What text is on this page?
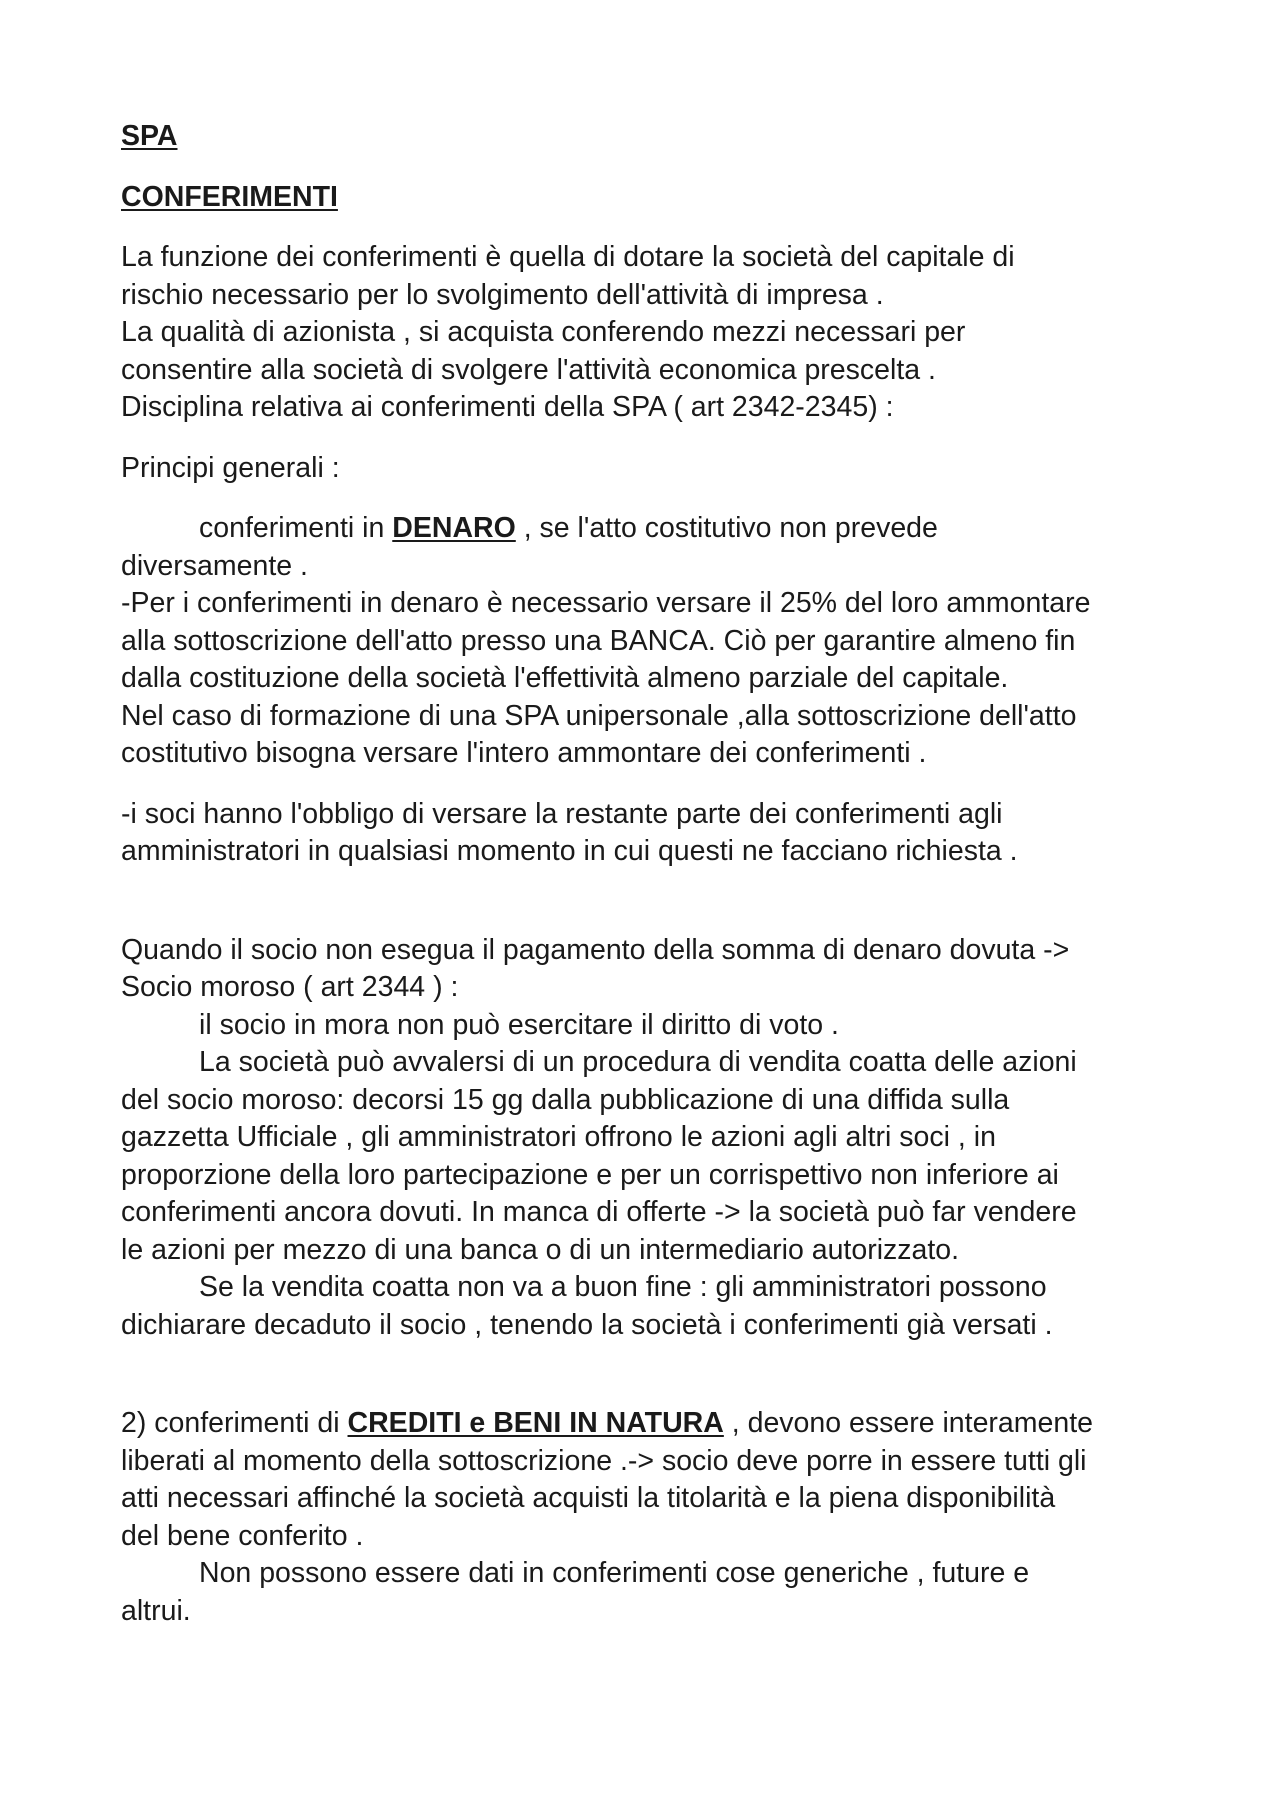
SPA

CONFERIMENTI

La funzione dei conferimenti è quella di dotare la società del capitale di
rischio necessario per lo svolgimento dell'attività di impresa .
La qualità di azionista , si acquista conferendo mezzi necessari per
consentire alla società di svolgere l'attività economica prescelta .
Disciplina relativa ai conferimenti della SPA ( art 2342-2345) :

Principi generali :

conferimenti in DENARO , se l'atto costitutivo non prevede
diversamente .
-Per i conferimenti in denaro è necessario versare il 25% del loro ammontare
alla sottoscrizione dell'atto presso una BANCA. Ciò per garantire almeno fin
dalla costituzione della società l'effettività almeno parziale del capitale.
Nel caso di formazione di una SPA unipersonale ,alla sottoscrizione dell'atto
costitutivo bisogna versare l'intero ammontare dei conferimenti .
-i soci hanno l'obbligo di versare la restante parte dei conferimenti agli
amministratori in qualsiasi momento in cui questi ne facciano richiesta .
Quando il socio non esegua il pagamento della somma di denaro dovuta ->
Socio moroso ( art 2344 ) :
il socio in mora non può esercitare il diritto di voto .
La società può avvalersi di un procedura di vendita coatta delle azioni
del socio moroso: decorsi 15 gg dalla pubblicazione di una diffida sulla
gazzetta Ufficiale , gli amministratori offrono le azioni agli altri soci , in
proporzione della loro partecipazione e per un corrispettivo non inferiore ai
conferimenti ancora dovuti. In manca di offerte -> la società può far vendere
le azioni per mezzo di una banca o di un intermediario autorizzato.
Se la vendita coatta non va a buon fine : gli amministratori possono
dichiarare decaduto il socio , tenendo la società i conferimenti già versati .
2) conferimenti di CREDITI e BENI IN NATURA , devono essere interamente
liberati al momento della sottoscrizione .-> socio deve porre in essere tutti gli
atti necessari affinché la società acquisti la titolarità e la piena disponibilità
del bene conferito .
Non possono essere dati in conferimenti cose generiche , future e
altrui.
